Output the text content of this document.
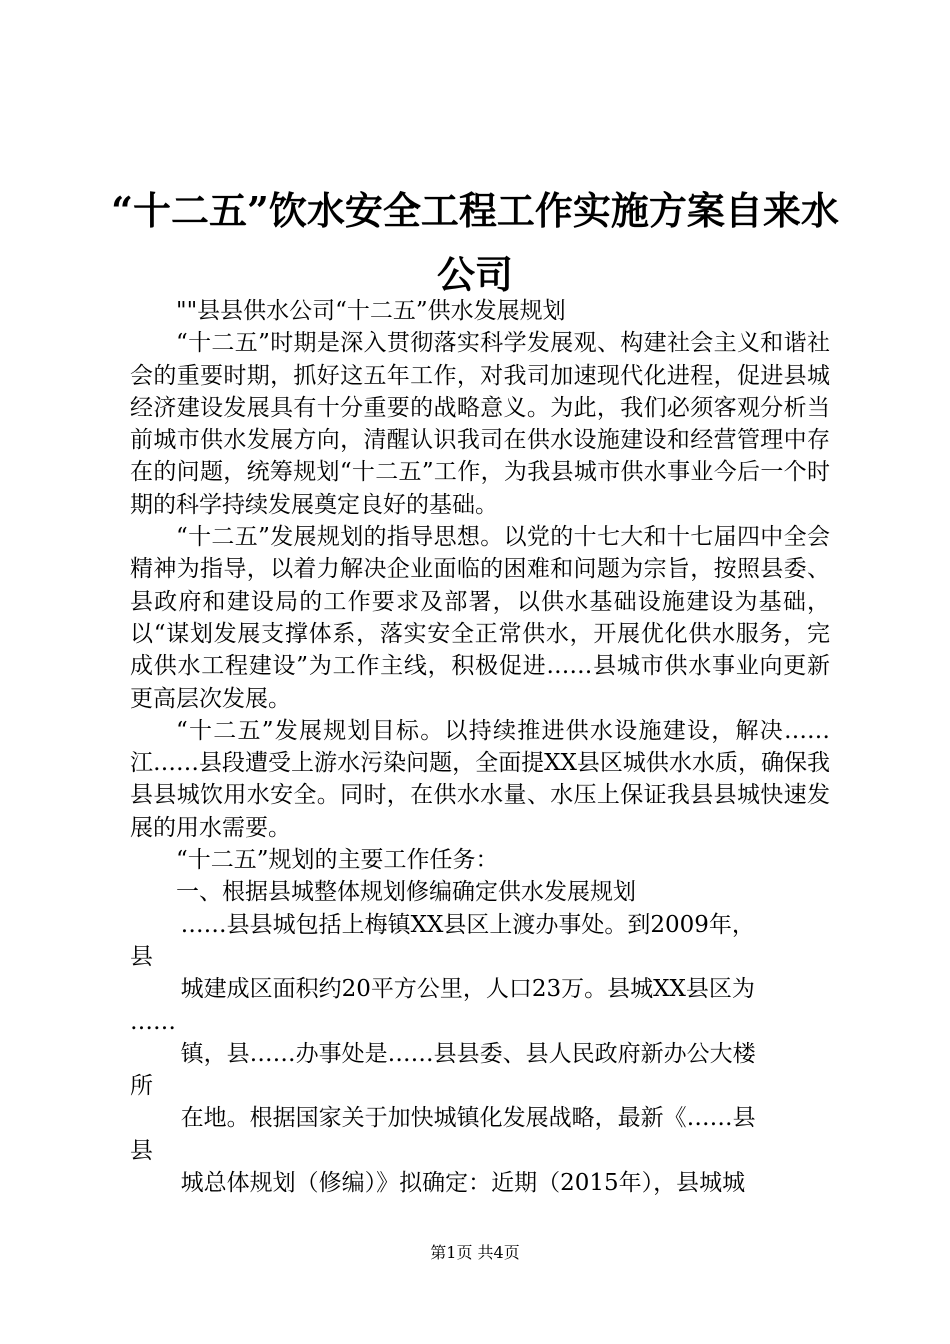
“十二五”饮水安全工程工作实施方案自来水
公司

""县县供水公司“十二五”供水发展规划

“十二五”时期是深入贯彻落实科学发展观、构建社会主义和谐社会的重要时期，抓好这五年工作，对我司加速现代化进程，促进县城经济建设发展具有十分重要的战略意义。为此，我们必须客观分析当前城市供水发展方向，清醒认识我司在供水设施建设和经营管理中存在的问题，统筹规划“十二五”工作，为我县城市供水事业今后一个时期的科学持续发展奠定良好的基础。

“十二五”发展规划的指导思想。以党的十七大和十七届四中全会精神为指导，以着力解决企业面临的困难和问题为宗旨，按照县委、县政府和建设局的工作要求及部署，以供水基础设施建设为基础，以“谋划发展支撑体系，落实安全正常供水，开展优化供水服务，完成供水工程建设”为工作主线，积极促进……县城市供水事业向更新更高层次发展。

“十二五”发展规划目标。以持续推进供水设施建设，解决……江……县段遭受上游水污染问题，全面提XX县区城供水水质，确保我县县城饮用水安全。同时，在供水水量、水压上保证我县县城快速发展的用水需要。

“十二五”规划的主要工作任务：

一、根据县城整体规划修编确定供水发展规划

……县县城包括上梅镇XX县区上渡办事处。到2009年，
县

城建成区面积约20平方公里，人口23万。县城XX县区为
……

镇，县……办事处是……县县委、县人民政府新办公大楼
所

在地。根据国家关于加快城镇化发展战略，最新《……县
县

城总体规划（修编）》拟确定：近期（2015年），县城城

第1页 共4页
